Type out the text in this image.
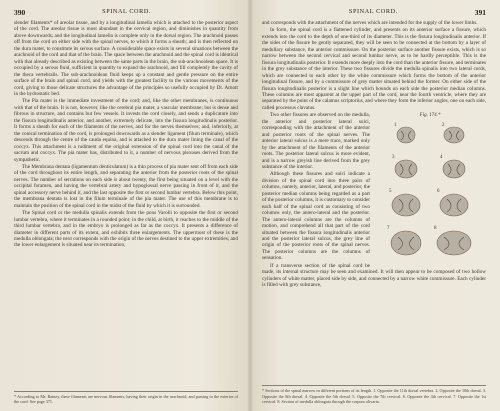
390	SPINAL CORD.

slender filaments* of areolar tissue, and by a longitudinal lamella which is attached to the posterior aspect of the cord. The areolar tissue is most abundant in the cervical region, and diminishes in quantity from above downwards; and the longitudinal lamella is complete only in the dorsal region. The arachnoid passes off from the cord on either side with the spinal nerves, to which it forms a sheath; and is then reflected on the dura mater, to constitute its serous surface. A considerable space exists in several situations between the arachnoid of the cord and that of the brain. The space between the arachnoid and the spinal cord is identical with that already described as existing between the same parts in the brain, the sub-arachnoidean space. It is occupied by a serous fluid, sufficient in quantity to expand the arachnoid, and fill completely the cavity of the theca vertebralis. The sub-arachnoidean fluid keeps up a constant and gentle pressure on the entire surface of the brain and spinal cord, and yields with the greatest facility to the various movements of the cord, giving to those delicate structures the advantage of the principles so usefully occupied by Dr. Arnott in the hydrostatic bed.

The Pia mater is the immediate investment of the cord; and, like the other membranes, is continuous with that of the brain. It is not, however, like the cerebral pia mater, a vascular membrane; but is dense and fibrous in structure, and contains but few vessels. It invests the cord closely, and sends a duplicature into the fissura longitudinalis anterior, and another, extremely delicate, into the fissura longitudinalis posterior. It forms a sheath for each of the filaments of the nerves, and for the nerves themselves; and, inferiorly, at the conical termination of the cord, is prolonged downwards as a slender ligament (filum terminale), which descends through the centre of the cauda equina, and is attached to the dura mater lining the canal of the coccyx. This attachment is a rudiment of the original extension of the spinal cord into the canal of the sacrum and coccyx. The pia mater has, distributed to it, a number of nervous plexuses derived from the sympathetic.

The Membrana dentata (ligamentum denticulatum) is a thin process of pia mater sent off from each side of the cord throughout its entire length, and separating the anterior from the posterior roots of the spinal nerves. The number of serrations on each side is about twenty, the first being situated on a level with the occipital foramen, and having the vertebral artery and hypoglossal nerve passing in front of it, and the spinal accessory nerve behind it, and the last opposite the first or second lumbar vertebra. Below this point, the membrana dentata is lost in the filum terminale of the pia mater. The use of this membrane is to maintain the position of the spinal cord in the midst of the fluid by which it is surrounded.

The Spinal cord or the medulla spinalis extends from the pons Varolii to opposite the first or second lumbar vertebra, where it terminates in a rounded point; in the child, at birth, it reaches to the middle of the third lumbar vertebra, and in the embryo is prolonged as far as the coccyx. It presents a difference of diameter in different parts of its extent, and exhibits three enlargements. The uppermost of these is the medulla oblongata; the next corresponds with the origin of the nerves destined to the upper extremities; and the lower enlargement is situated near its termination,

* According to Mr. Rainey, these filaments are nervous filaments, having their origin in the arachnoid, and passing to the exterior of the cord. See page 371.

SPINAL CORD.	391

and corresponds with the attachment of the nerves which are intended for the supply of the lower limbs.

In form, the spinal cord is a flattened cylinder, and presents on its anterior surface a fissure, which extends into the cord to the depth of one-third of its diameter. This is the fissura longitudinalis anterior. If the sides of the fissure be gently separated, they will be seen to be connected at the bottom by a layer of medullary substance, the anterior commissure. On the posterior surface another fissure exists, which is so narrow between the second cervical and second lumbar nerve, as to be hardly perceptible. This is the fissura longitudinalis posterior. It extends more deeply into the cord than the anterior fissure, and terminates in the grey substance of the interior. These two fissures divide the medulla spinalis into two lateral cords, which are connected to each other by the white commissure which forms the bottom of the anterior longitudinal fissure, and by a commissure of grey matter situated behind the former. On either side of the fissura longitudinalis posterior is a slight line which bounds on each side the posterior median columns. These columns are most apparent at the upper part of the cord, near the fourth ventricle, where they are separated by the point of the calamus scriptorius, and where they form the inferior angles, one on each side, called processus clavatus.

Fig. 174.*
1	2
3	4
5	6
7	8

Two other fissures are observed on the medulla, the anterior and posterior lateral sulci, corresponding with the attachment of the anterior and posterior roots of the spinal nerves. The anterior lateral sulcus is a mere trace, marked only by the attachment of the filaments of the anterior roots. The posterior lateral sulcus is more evident, and is a narrow greyish line derived from the grey substance of the interior.

Although these fissures and sulci indicate a division of the spinal cord into three pairs of columns, namely, anterior, lateral, and posterior, the posterior median columns being regarded as a part of the posterior columns, it is customary to consider each half of the spinal cord as consisting of two columns only, the antero-lateral and the posterior. The antero-lateral columns are the columns of motion, and comprehend all that part of the cord situated between the fissura longitudinalis anterior and the posterior lateral sulcus, the grey line of origin of the posterior roots of the spinal nerves. The posterior columns are the columns of sensation.

If a transverse section of the spinal cord be made, its internal structure may be seen and examined. It will then appear to be composed of two hollow cylinders of white matter, placed side by side, and connected by a narrow white commissure. Each cylinder is filled with grey substance,

* Sections of the spinal marrow in different portions of its length. 1. Opposite the 11th dorsal vertebra. 2. Opposite the 10th dorsal. 3. Opposite the 8th dorsal. 4. Opposite the 5th dorsal. 5. Opposite the 7th cervical. 6. Opposite the 4th cervical. 7. Opposite the 1st cervical. 8. Section of medulla oblongata through the corpora olivaria.
